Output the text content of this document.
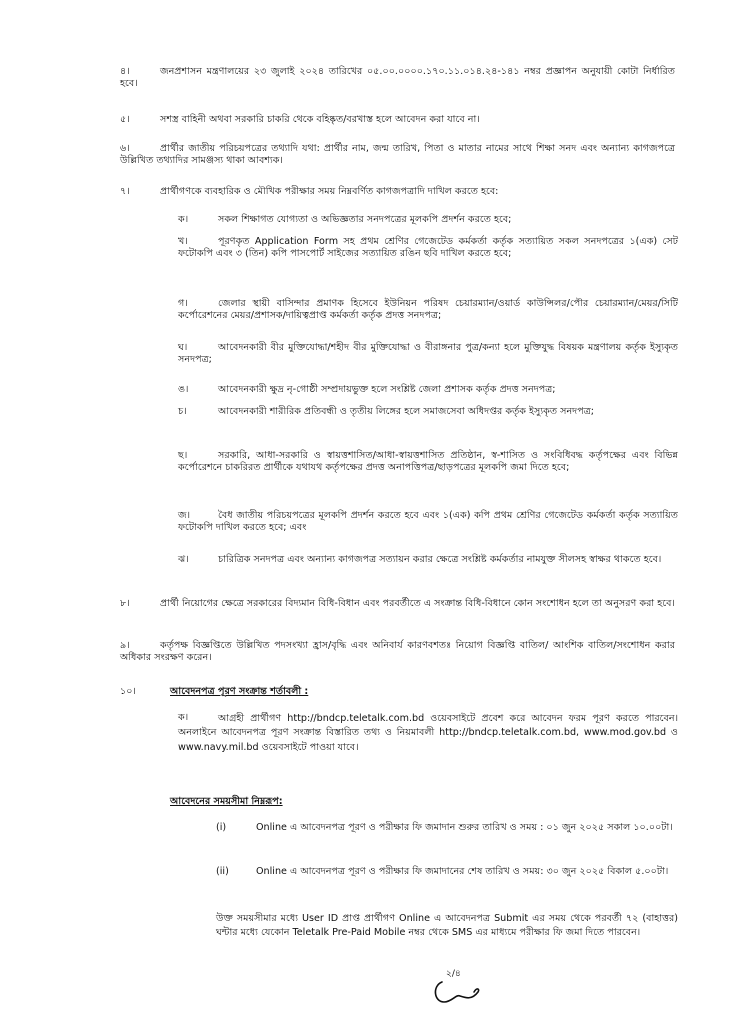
৪।	জনপ্রশাসন মন্ত্রণালয়ের ২৩ জুলাই ২০২৪ তারিখের ০৫.০০.০০০০.১৭০.১১.০১৪.২৪-১৪১ নম্বর প্রজ্ঞাপন অনুযায়ী কোটা নির্ধারিত হবে।
৫।	সশস্ত্র বাহিনী অথবা সরকারি চাকরি থেকে বহিষ্কৃত/বরখাস্ত হলে আবেদন করা যাবে না।
৬।	প্রার্থীর জাতীয় পরিচয়পত্রের তথ্যাদি যথা: প্রার্থীর নাম, জন্ম তারিখ, পিতা ও মাতার নামের সাথে শিক্ষা সনদ এবং অন্যান্য কাগজপত্রে উল্লিখিত তথ্যাদির সামঞ্জস্য থাকা আবশ্যক।
৭।	প্রার্থীগণকে ব্যবহারিক ও মৌখিক পরীক্ষার সময় নিম্নবর্ণিত কাগজপত্রাদি দাখিল করতে হবে:
ক।	সকল শিক্ষাগত যোগ্যতা ও অভিজ্ঞতার সনদপত্রের মূলকপি প্রদর্শন করতে হবে;
খ।	পূরণকৃত Application Form সহ প্রথম শ্রেণির গেজেটেড কর্মকর্তা কর্তৃক সত্যায়িত সকল সনদপত্রের ১(এক) সেট ফটোকপি এবং ৩ (তিন) কপি পাসপোর্ট সাইজের সত্যায়িত রঙিন ছবি দাখিল করতে হবে;
গ।	জেলার স্থায়ী বাসিন্দার প্রমাণক হিসেবে ইউনিয়ন পরিষদ চেয়ারম্যান/ওয়ার্ড কাউন্সিলর/পৌর চেয়ারম্যান/মেয়র/সিটি কর্পোরেশনের মেয়র/প্রশাসক/দায়িত্বপ্রাপ্ত কর্মকর্তা কর্তৃক প্রদত্ত সনদপত্র;
ঘ।	আবেদনকারী বীর মুক্তিযোদ্ধা/শহীদ বীর মুক্তিযোদ্ধা ও বীরাঙ্গনার পুত্র/কন্যা হলে মুক্তিযুদ্ধ বিষয়ক মন্ত্রণালয় কর্তৃক ইস্যুকৃত সনদপত্র;
ঙ।	আবেদনকারী ক্ষুদ্র নৃ-গোষ্ঠী সম্প্রদায়ভুক্ত হলে সংশ্লিষ্ট জেলা প্রশাসক কর্তৃক প্রদত্ত সনদপত্র;
চ।	আবেদনকারী শারীরিক প্রতিবন্ধী ও তৃতীয় লিঙ্গের হলে সমাজসেবা অধিদপ্তর কর্তৃক ইস্যুকৃত সনদপত্র;
ছ।	সরকারি, আধা-সরকারি ও স্বায়ত্তশাসিত/আধা-স্বায়ত্তশাসিত প্রতিষ্ঠান, স্ব-শাসিত ও সংবিধিবদ্ধ কর্তৃপক্ষের এবং বিভিন্ন কর্পোরেশনে চাকরিরত প্রার্থীকে যথাযথ কর্তৃপক্ষের প্রদত্ত অনাপত্তিপত্র/ছাড়পত্রের মূলকপি জমা দিতে হবে;
জ।	বৈধ জাতীয় পরিচয়পত্রের মূলকপি প্রদর্শন করতে হবে এবং ১(এক) কপি প্রথম শ্রেণির গেজেটেড কর্মকর্তা কর্তৃক সত্যায়িত ফটোকপি দাখিল করতে হবে; এবং
ঝ।	চারিত্রিক সনদপত্র এবং অন্যান্য কাগজপত্র সত্যায়ন করার ক্ষেত্রে সংশ্লিষ্ট কর্মকর্তার নামযুক্ত সীলসহ স্বাক্ষর থাকতে হবে।
৮।	প্রার্থী নিয়োগের ক্ষেত্রে সরকারের বিদ্যমান বিধি-বিধান এবং পরবর্তীতে এ সংক্রান্ত বিধি-বিধানে কোন সংশোধন হলে তা অনুসরণ করা হবে।
৯।	কর্তৃপক্ষ বিজ্ঞপ্তিতে উল্লিখিত পদসংখ্যা হ্রাস/বৃদ্ধি এবং অনিবার্য কারণবশতঃ নিয়োগ বিজ্ঞপ্তি বাতিল/ আংশিক বাতিল/সংশোধন করার অধিকার সংরক্ষণ করেন।
১০।	আবেদনপত্র পূরণ সংক্রান্ত শর্তাবলী :
ক।	আগ্রহী প্রার্থীগণ http://bndcp.teletalk.com.bd ওয়েবসাইটে প্রবেশ করে আবেদন ফরম পূরণ করতে পারবেন। অনলাইনে আবেদনপত্র পূরণ সংক্রান্ত বিস্তারিত তথ্য ও নিয়মাবলী http://bndcp.teletalk.com.bd, www.mod.gov.bd ও www.navy.mil.bd ওয়েবসাইটে পাওয়া যাবে।
আবেদনের সময়সীমা নিম্নরূপ:
(i)	Online এ আবেদনপত্র পূরণ ও পরীক্ষার ফি জমাদান শুরুর তারিখ ও সময় : ০১ জুন ২০২৫ সকাল ১০.০০টা।
(ii)	Online এ আবেদনপত্র পূরণ ও পরীক্ষার ফি জমাদানের শেষ তারিখ ও সময়: ৩০ জুন ২০২৫ বিকাল ৫.০০টা।
উক্ত সময়সীমার মধ্যে User ID প্রাপ্ত প্রার্থীগণ Online এ আবেদনপত্র Submit এর সময় থেকে পরবর্তী ৭২ (বাহাত্তর) ঘন্টার মধ্যে যেকোন Teletalk Pre-Paid Mobile নম্বর থেকে SMS এর মাধ্যমে পরীক্ষার ফি জমা দিতে পারবেন।
২/৪
